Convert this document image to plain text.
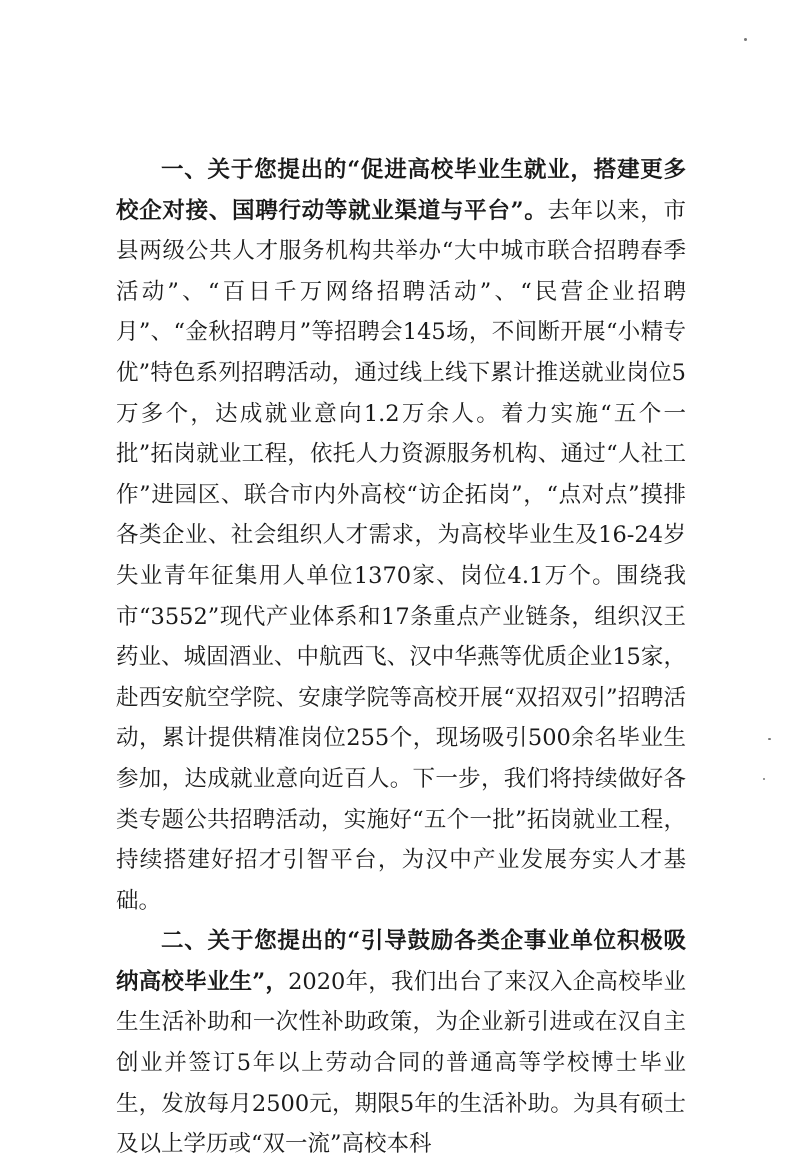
一、关于您提出的“促进高校毕业生就业，搭建更多校企对接、国聘行动等就业渠道与平台”。去年以来，市县两级公共人才服务机构共举办“大中城市联合招聘春季活动”、“百日千万网络招聘活动”、“民营企业招聘月”、“金秋招聘月”等招聘会145场，不间断开展“小精专优”特色系列招聘活动，通过线上线下累计推送就业岗位5万多个，达成就业意向1.2万余人。着力实施“五个一批”拓岗就业工程，依托人力资源服务机构、通过“人社工作”进园区、联合市内外高校“访企拓岗”，“点对点”摸排各类企业、社会组织人才需求，为高校毕业生及16-24岁失业青年征集用人单位1370家、岗位4.1万个。围绕我市“3552”现代产业体系和17条重点产业链条，组织汉王药业、城固酒业、中航西飞、汉中华燕等优质企业15家，赴西安航空学院、安康学院等高校开展“双招双引”招聘活动，累计提供精准岗位255个，现场吸引500余名毕业生参加，达成就业意向近百人。下一步，我们将持续做好各类专题公共招聘活动，实施好“五个一批”拓岗就业工程，持续搭建好招才引智平台，为汉中产业发展夯实人才基础。

二、关于您提出的“引导鼓励各类企事业单位积极吸纳高校毕业生”，2020年，我们出台了来汉入企高校毕业生生活补助和一次性补助政策，为企业新引进或在汉自主创业并签订5年以上劳动合同的普通高等学校博士毕业生，发放每月2500元，期限5年的生活补助。为具有硕士及以上学历或“双一流”高校本科
